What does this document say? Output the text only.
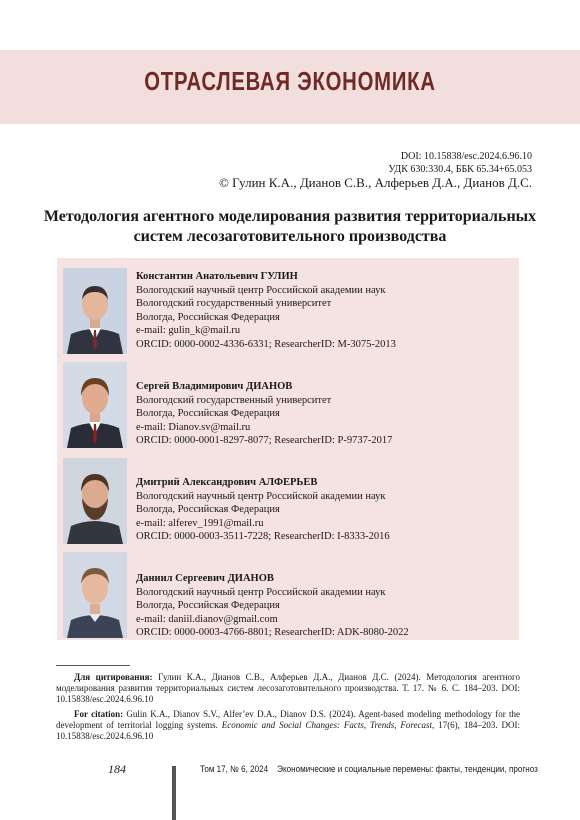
ОТРАСЛЕВАЯ ЭКОНОМИКА
DOI: 10.15838/esc.2024.6.96.10
УДК 630:330.4, ББК 65.34+65.053
© Гулин К.А., Дианов С.В., Алферьев Д.А., Дианов Д.С.
Методология агентного моделирования развития территориальных
систем лесозаготовительного производства
Константин Анатольевич ГУЛИН
Вологодский научный центр Российской академии наук
Вологодский государственный университет
Вологда, Российская Федерация
e-mail: gulin_k@mail.ru
ORCID: 0000-0002-4336-6331; ResearcherID: M-3075-2013
Сергей Владимирович ДИАНОВ
Вологодский государственный университет
Вологда, Российская Федерация
e-mail: Dianov.sv@mail.ru
ORCID: 0000-0001-8297-8077; ResearcherID: P-9737-2017
Дмитрий Александрович АЛФЕРЬЕВ
Вологодский научный центр Российской академии наук
Вологда, Российская Федерация
e-mail: alferev_1991@mail.ru
ORCID: 0000-0003-3511-7228; ResearcherID: I-8333-2016
Даниил Сергеевич ДИАНОВ
Вологодский научный центр Российской академии наук
Вологда, Российская Федерация
e-mail: daniil.dianov@gmail.com
ORCID: 0000-0003-4766-8801; ResearcherID: ADK-8080-2022
Для цитирования: Гулин К.А., Дианов С.В., Алферьев Д.А., Дианов Д.С. (2024). Методология агентного моделирования развития территориальных систем лесозаготовительного производства. Т. 17. № 6. С. 184–203. DOI: 10.15838/esc.2024.6.96.10
For citation: Gulin K.A., Dianov S.V., Alfer’ev D.A., Dianov D.S. (2024). Agent-based modeling methodology for the development of territorial logging systems. Economic and Social Changes: Facts, Trends, Forecast, 17(6), 184–203. DOI: 10.15838/esc.2024.6.96.10
184	Том 17, № 6, 2024 Экономические и социальные перемены: факты, тенденции, прогноз
